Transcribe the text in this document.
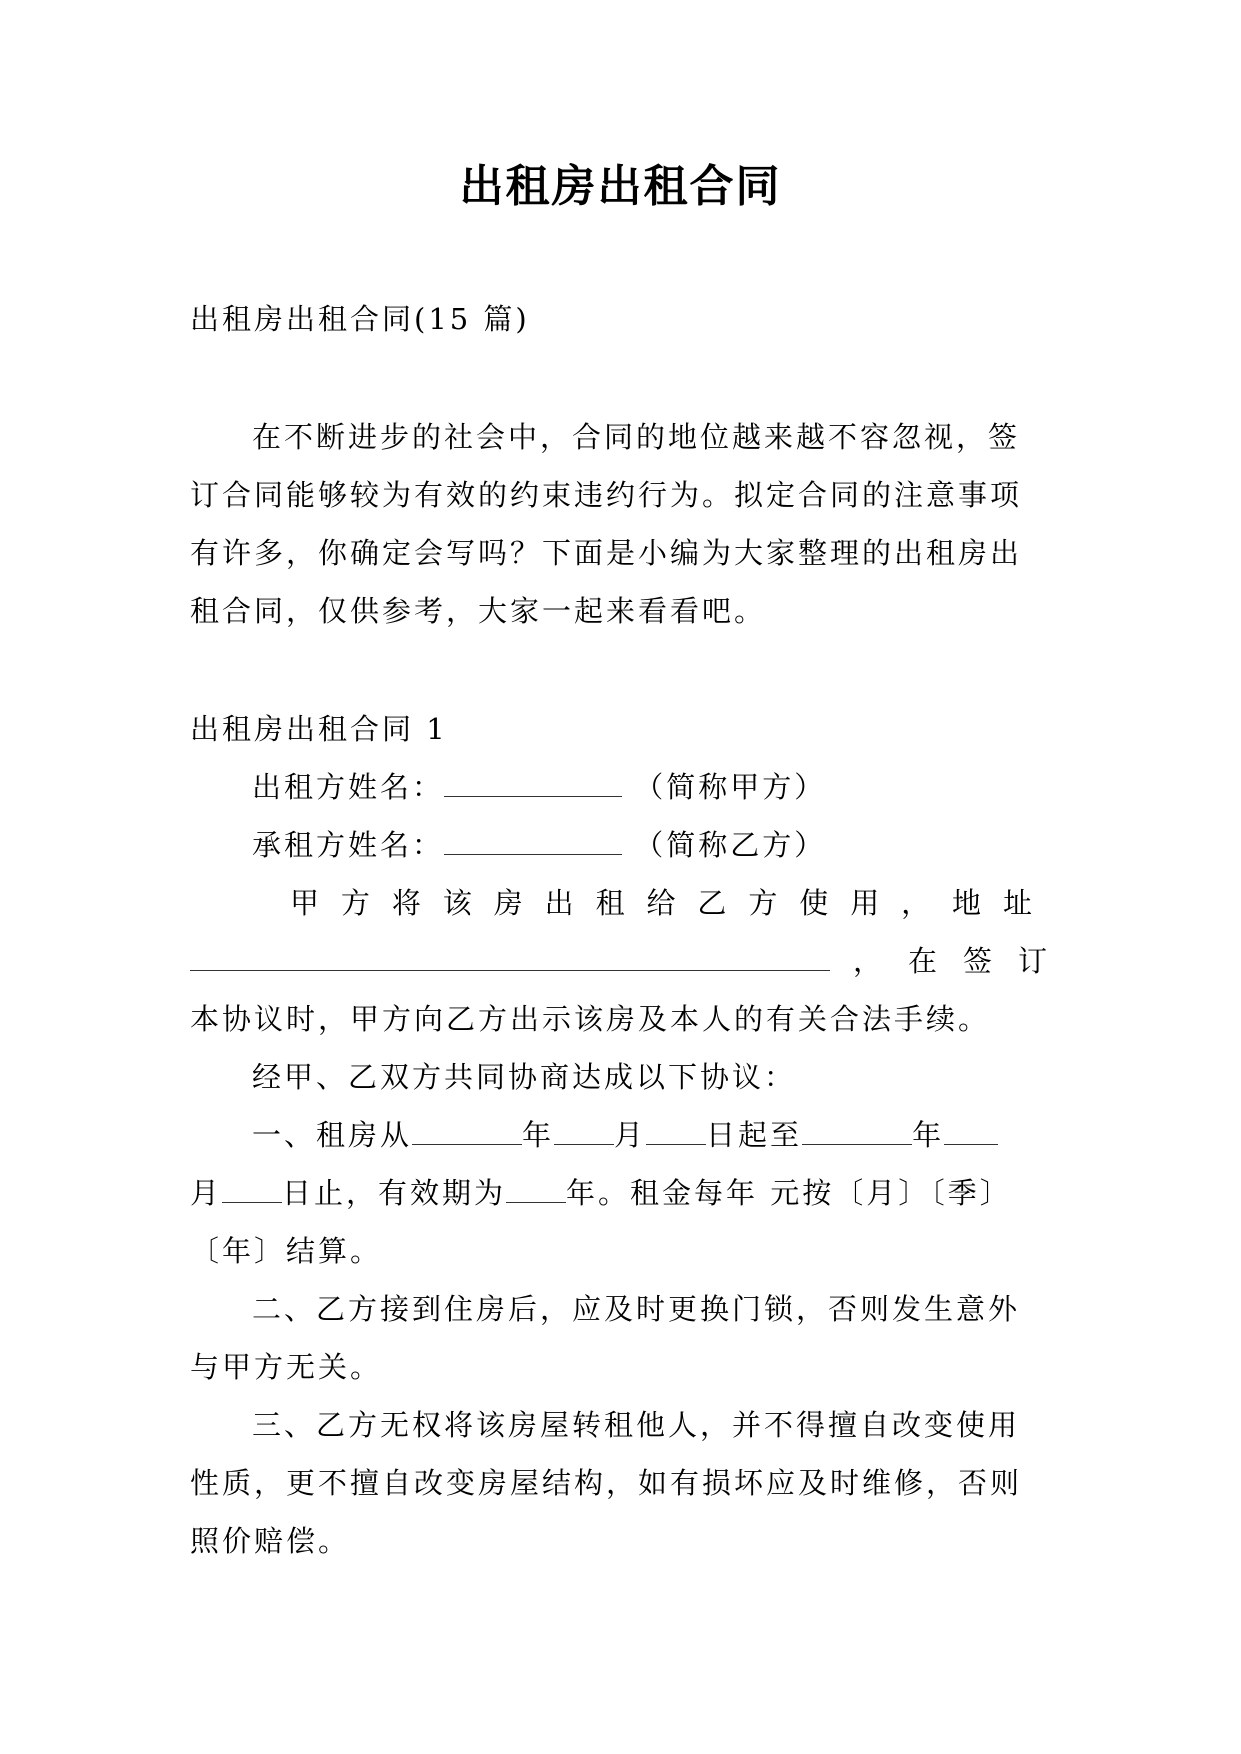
出租房出租合同

出租房出租合同(15 篇)

在不断进步的社会中，合同的地位越来越不容忽视，签订合同能够较为有效的约束违约行为。拟定合同的注意事项有许多，你确定会写吗？下面是小编为大家整理的出租房出租合同，仅供参考，大家一起来看看吧。

出租房出租合同 1

出租方姓名：	（简称甲方）

承租方姓名：	（简称乙方）

甲方将该房出租给乙方使用，地址

，在签订

本协议时，甲方向乙方出示该房及本人的有关合法手续。

经甲、乙双方共同协商达成以下协议：

一、租房从	年 月 日起至	年
月 日止，有效期为 年。租金每年 元按〔月〕〔季〕〔年〕结算。

二、乙方接到住房后，应及时更换门锁，否则发生意外与甲方无关。

三、乙方无权将该房屋转租他人，并不得擅自改变使用性质，更不擅自改变房屋结构，如有损坏应及时维修，否则照价赔偿。
